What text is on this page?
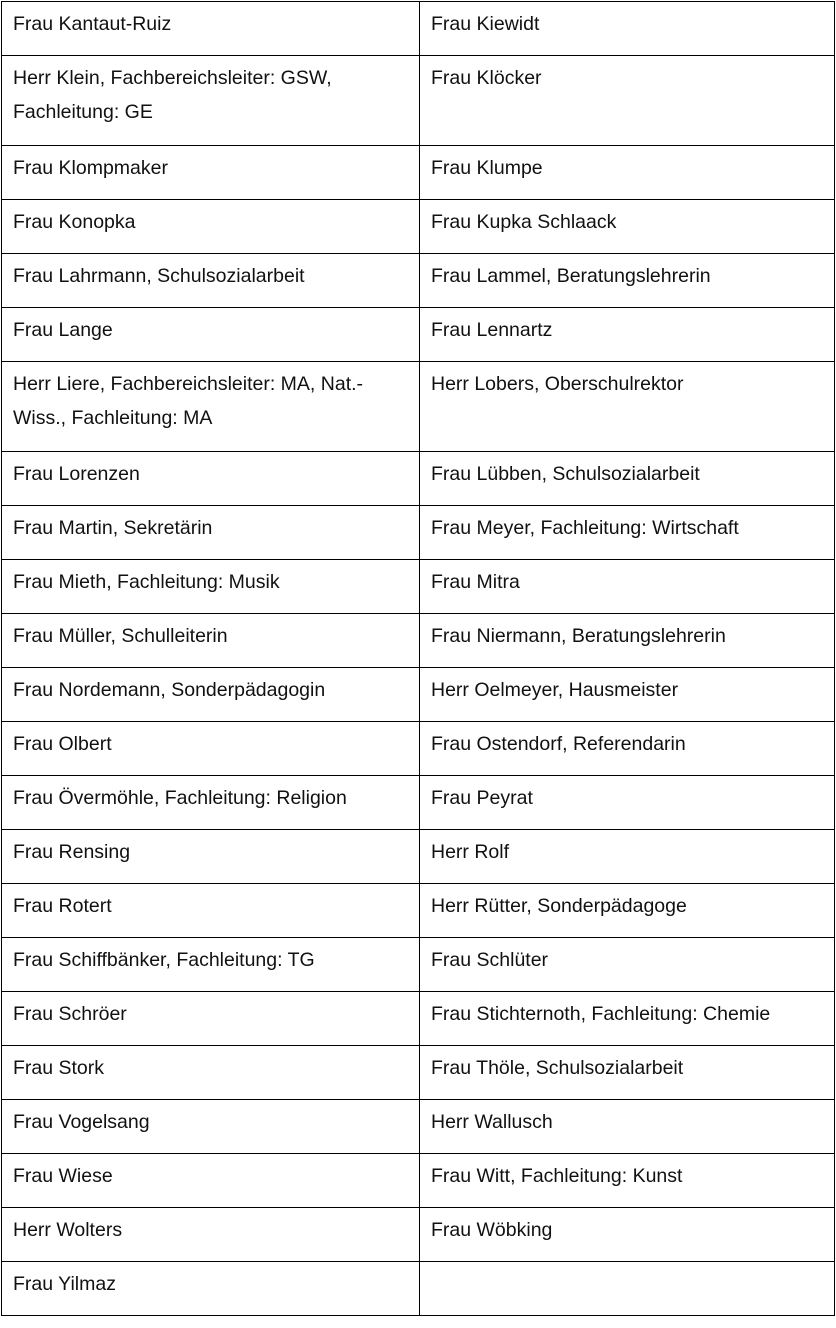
Frau Kantaut-Ruiz	Frau Kiewidt
Herr Klein, Fachbereichsleiter: GSW, Fachleitung: GE	Frau Klöcker
Frau Klompmaker	Frau Klumpe
Frau Konopka	Frau Kupka Schlaack
Frau Lahrmann, Schulsozialarbeit	Frau Lammel, Beratungslehrerin
Frau Lange	Frau Lennartz
Herr Liere, Fachbereichsleiter: MA, Nat.-Wiss., Fachleitung: MA	Herr Lobers, Oberschulrektor
Frau Lorenzen	Frau Lübben, Schulsozialarbeit
Frau Martin, Sekretärin	Frau Meyer, Fachleitung: Wirtschaft
Frau Mieth, Fachleitung: Musik	Frau Mitra
Frau Müller, Schulleiterin	Frau Niermann, Beratungslehrerin
Frau Nordemann, Sonderpädagogin	Herr Oelmeyer, Hausmeister
Frau Olbert	Frau Ostendorf, Referendarin
Frau Övermöhle, Fachleitung: Religion	Frau Peyrat
Frau Rensing	Herr Rolf
Frau Rotert	Herr Rütter, Sonderpädagoge
Frau Schiffbänker, Fachleitung: TG	Frau Schlüter
Frau Schröer	Frau Stichternoth, Fachleitung: Chemie
Frau Stork	Frau Thöle, Schulsozialarbeit
Frau Vogelsang	Herr Wallusch
Frau Wiese	Frau Witt, Fachleitung: Kunst
Herr Wolters	Frau Wöbking
Frau Yilmaz	
